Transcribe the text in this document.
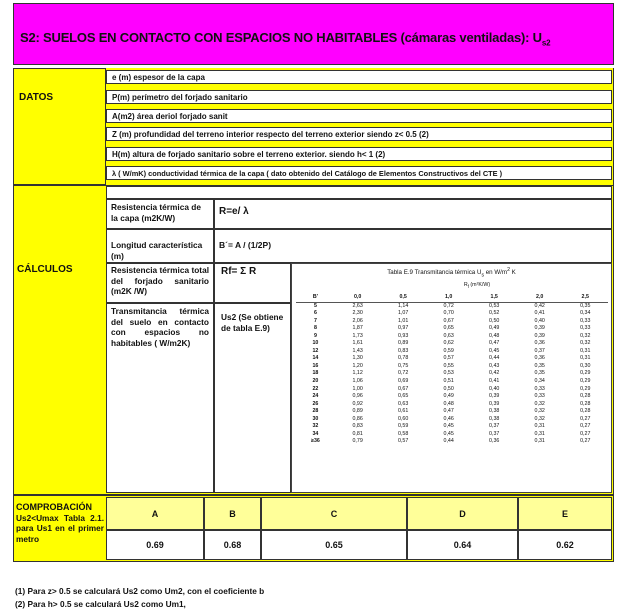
S2: SUELOS EN CONTACTO CON ESPACIOS NO HABITABLES (cámaras ventiladas): $U_{s2}$
DATOS
e (m) espesor de la capa
P(m) perímetro del forjado sanitario
A(m2) área deriol forjado sanit
Z (m) profundidad del terreno interior respecto del terreno exterior siendo z< 0.5 (2)
H(m) altura de forjado sanitario sobre el terreno exterior. siendo h< 1 (2)
λ ( W/mK) conductividad térmica de la capa ( dato obtenido del Catálogo de Elementos Constructivos del CTE )
CÁLCULOS
Resistencia térmica de la capa (m2K/W)
R=e/ λ
Longitud característica (m)
B´= A / (1/2P)
Resistencia térmica total del forjado sanitario (m2K /W)
Rf= Σ R
Transmitancia térmica del suelo en contacto con espacios no habitables ( W/m2K)
Us2 (Se obtiene de tabla E.9)
Tabla E.9 Transmitancia térmica $U_s$ en $W/m^2$ K
$R_f$ (m²K/W)
B'	0,0	0,5	1,0	1,5	2,0	2,5
5	2,63	1,14	0,72	0,53	0,42	0,35
6	2,30	1,07	0,70	0,52	0,41	0,34
7	2,06	1,01	0,67	0,50	0,40	0,33
8	1,87	0,97	0,65	0,49	0,39	0,33
9	1,73	0,93	0,63	0,48	0,39	0,32
10	1,61	0,89	0,62	0,47	0,36	0,32
12	1,43	0,83	0,59	0,45	0,37	0,31
14	1,30	0,78	0,57	0,44	0,36	0,31
16	1,20	0,75	0,55	0,43	0,35	0,30
18	1,12	0,72	0,53	0,42	0,35	0,29
20	1,06	0,69	0,51	0,41	0,34	0,29
22	1,00	0,67	0,50	0,40	0,33	0,29
24	0,96	0,65	0,49	0,39	0,33	0,28
26	0,92	0,63	0,48	0,39	0,32	0,28
28	0,89	0,61	0,47	0,38	0,32	0,28
30	0,86	0,60	0,46	0,38	0,32	0,27
32	0,83	0,59	0,45	0,37	0,31	0,27
34	0,81	0,58	0,45	0,37	0,31	0,27
≥36	0,79	0,57	0,44	0,36	0,31	0,27
COMPROBACIÓN
Us2<Umax Tabla 2.1. para Us1 en el primer metro
A	B	C	D	E
0.69	0.68	0.65	0.64	0.62
(1) Para z> 0.5 se calculará Us2 como Um2, con el coeficiente b
(2) Para h> 0.5 se calculará Us2 como Um1,
